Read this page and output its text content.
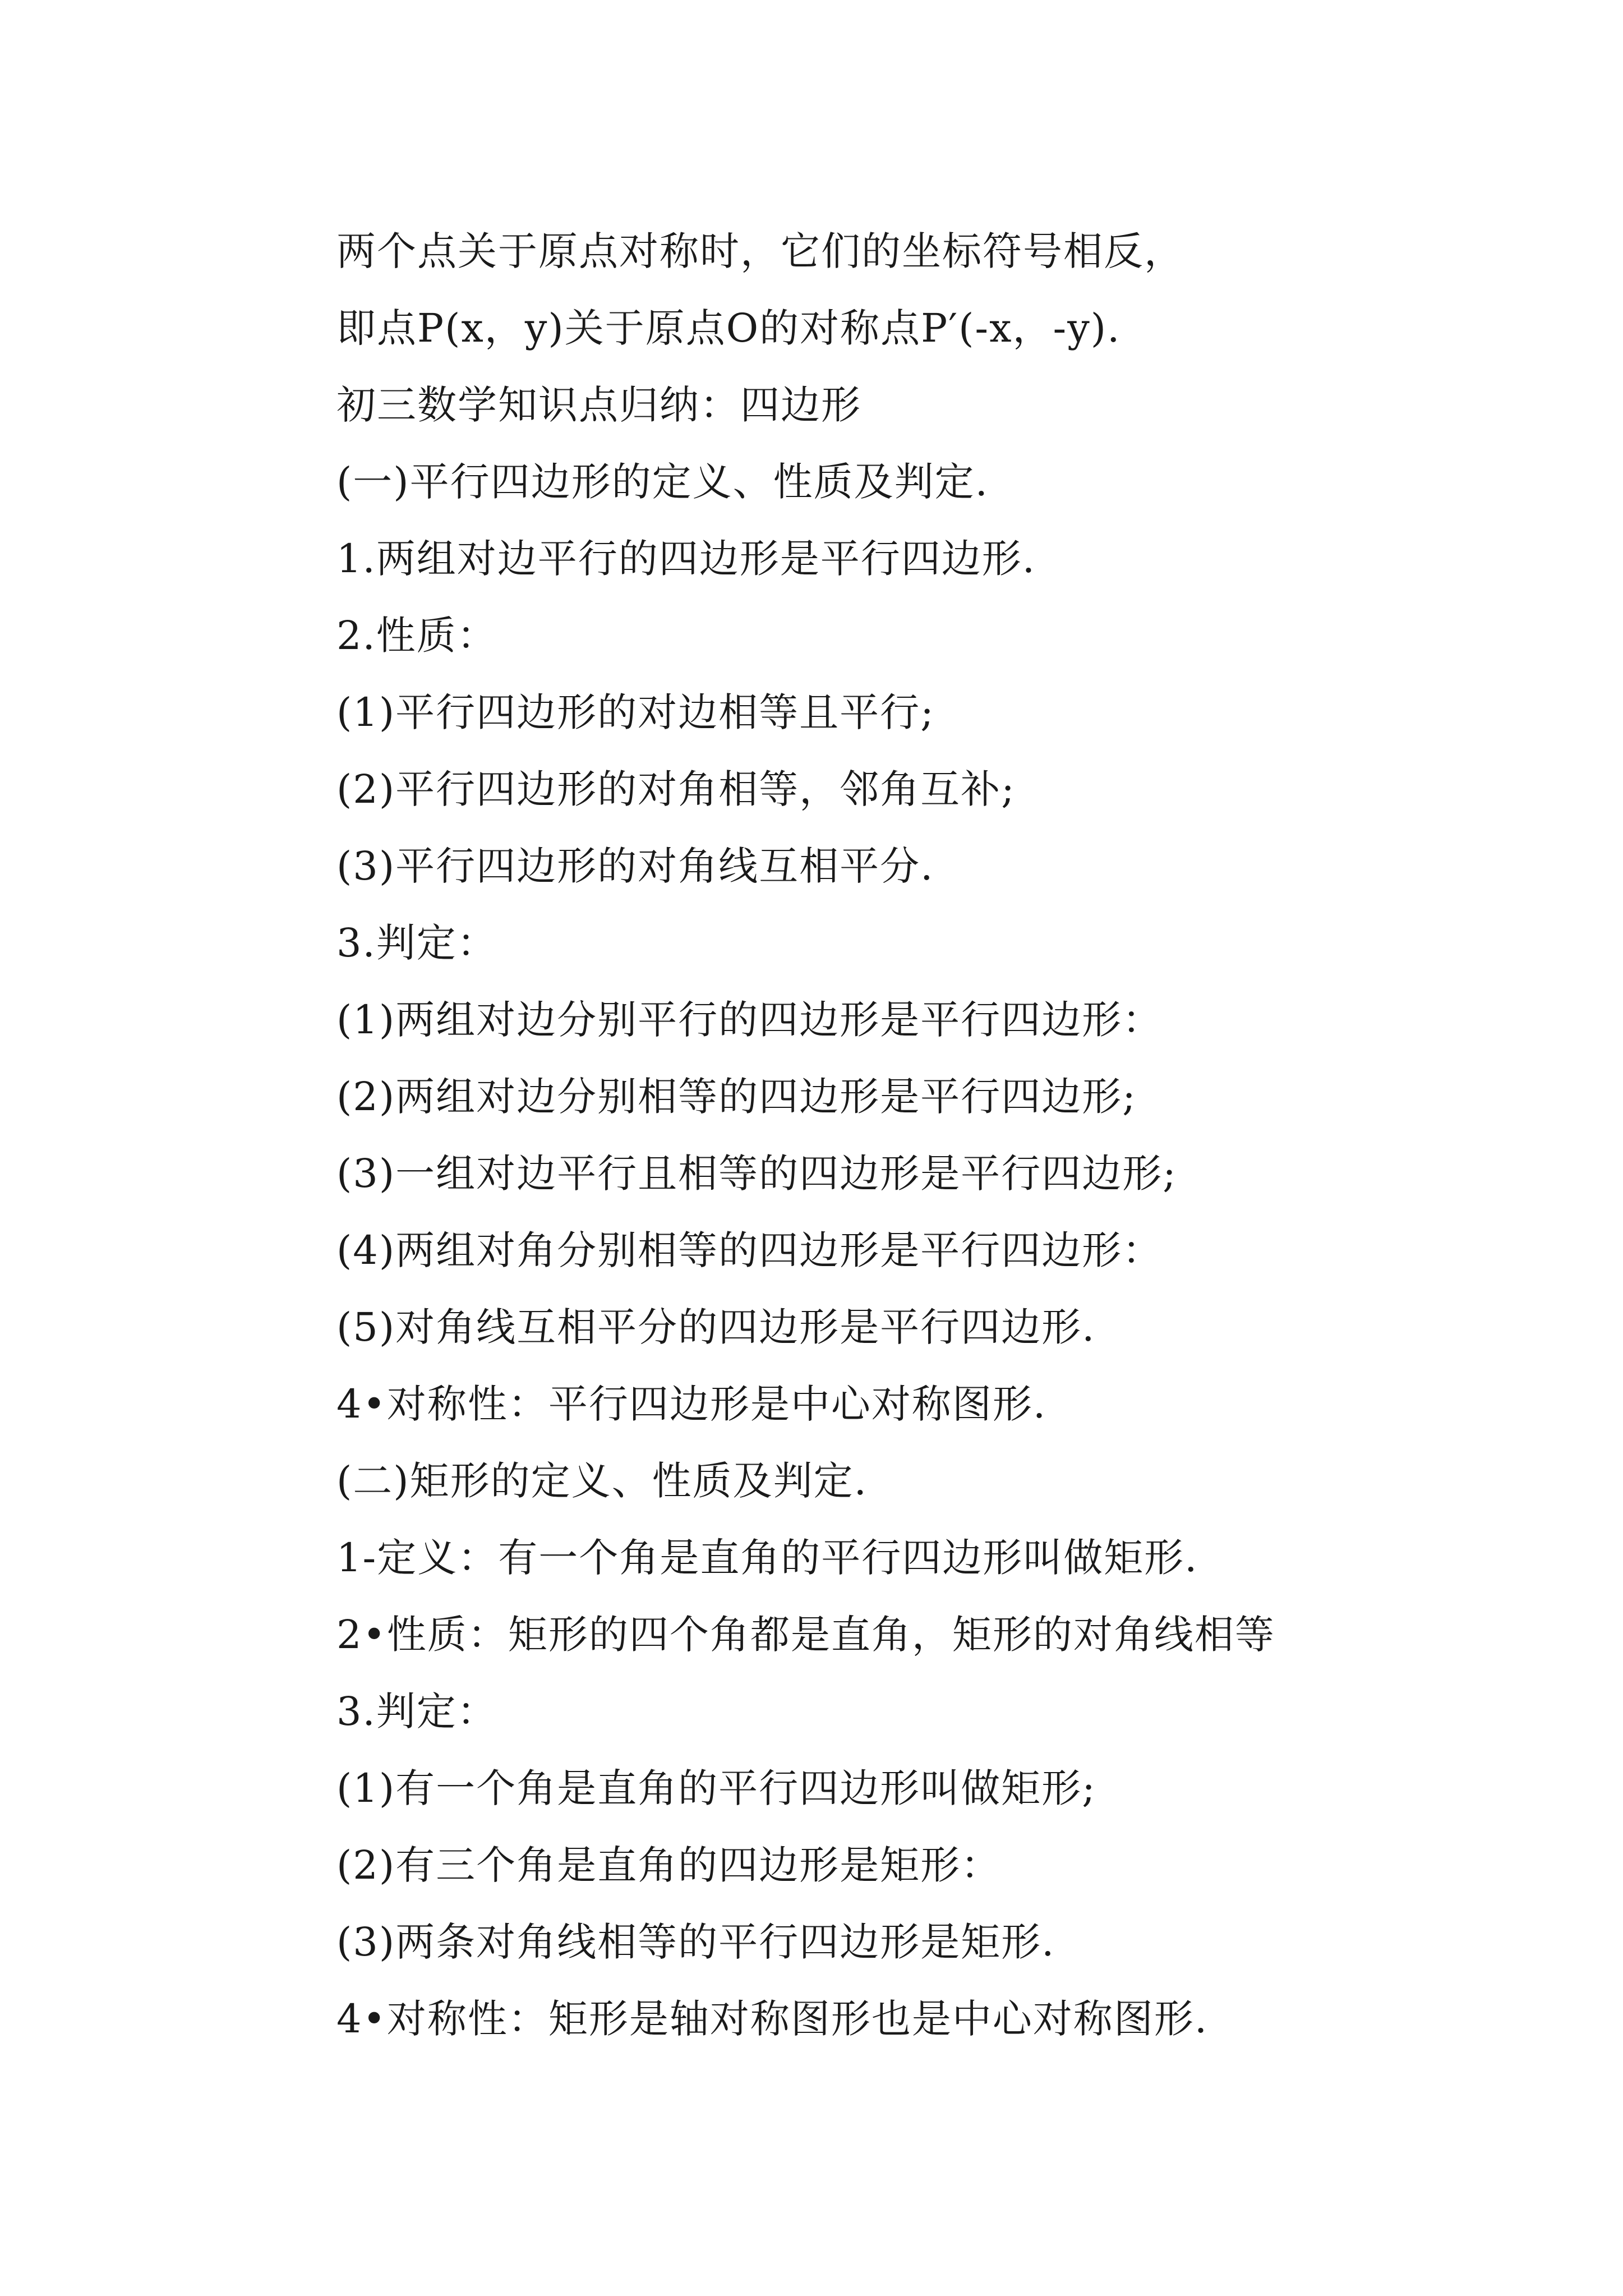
两个点关于原点对称时，它们的坐标符号相反，
即点P(x，y)关于原点O的对称点P′(-x，-y).
初三数学知识点归纳：四边形
(一)平行四边形的定义、性质及判定.
1.两组对边平行的四边形是平行四边形.
2.性质：
(1)平行四边形的对边相等且平行;
(2)平行四边形的对角相等，邻角互补;
(3)平行四边形的对角线互相平分.
3.判定：
(1)两组对边分别平行的四边形是平行四边形：
(2)两组对边分别相等的四边形是平行四边形;
(3)一组对边平行且相等的四边形是平行四边形;
(4)两组对角分别相等的四边形是平行四边形：
(5)对角线互相平分的四边形是平行四边形.
4•对称性：平行四边形是中心对称图形.
(二)矩形的定义、性质及判定.
1-定义：有一个角是直角的平行四边形叫做矩形.
2•性质：矩形的四个角都是直角，矩形的对角线相等
3.判定：
(1)有一个角是直角的平行四边形叫做矩形;
(2)有三个角是直角的四边形是矩形：
(3)两条对角线相等的平行四边形是矩形.
4•对称性：矩形是轴对称图形也是中心对称图形.
